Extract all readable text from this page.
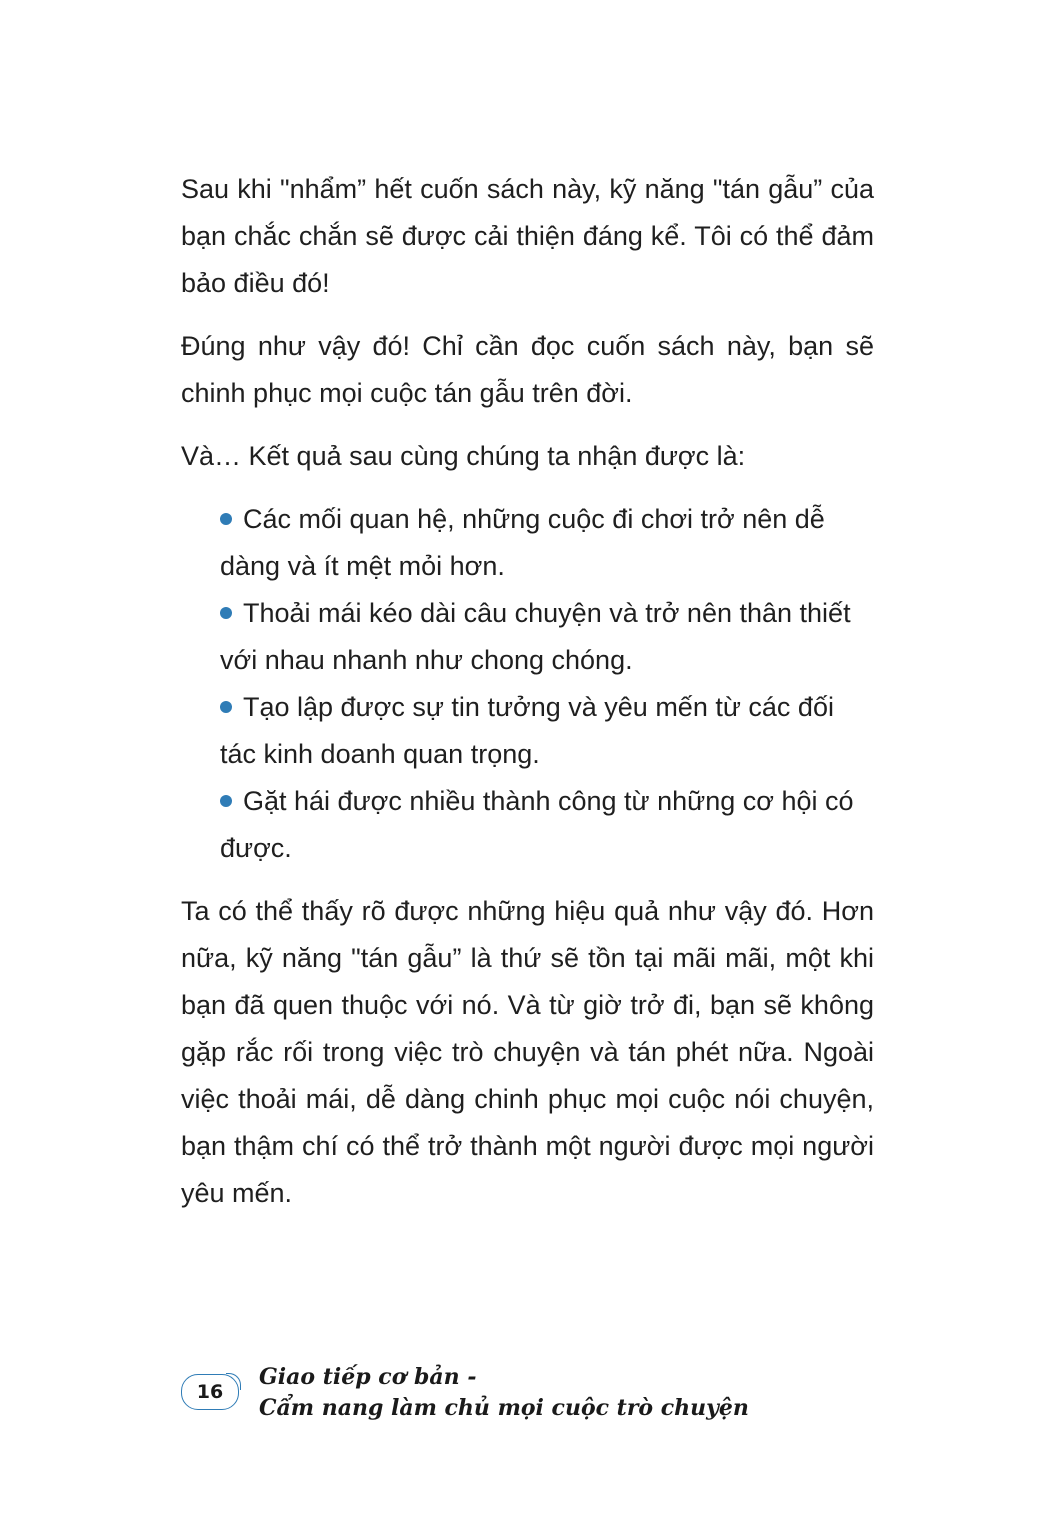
Sau khi "nhẩm” hết cuốn sách này, kỹ năng "tán gẫu” của bạn chắc chắn sẽ được cải thiện đáng kể. Tôi có thể đảm bảo điều đó!

Đúng như vậy đó! Chỉ cần đọc cuốn sách này, bạn sẽ chinh phục mọi cuộc tán gẫu trên đời.

Và… Kết quả sau cùng chúng ta nhận được là:

Các mối quan hệ, những cuộc đi chơi trở nên dễ dàng và ít mệt mỏi hơn.
Thoải mái kéo dài câu chuyện và trở nên thân thiết với nhau nhanh như chong chóng.
Tạo lập được sự tin tưởng và yêu mến từ các đối tác kinh doanh quan trọng.
Gặt hái được nhiều thành công từ những cơ hội có được.

Ta có thể thấy rõ được những hiệu quả như vậy đó. Hơn nữa, kỹ năng "tán gẫu” là thứ sẽ tồn tại mãi mãi, một khi bạn đã quen thuộc với nó. Và từ giờ trở đi, bạn sẽ không gặp rắc rối trong việc trò chuyện và tán phét nữa. Ngoài việc thoải mái, dễ dàng chinh phục mọi cuộc nói chuyện, bạn thậm chí có thể trở thành một người được mọi người yêu mến.

16
Giao tiếp cơ bản -
Cẩm nang làm chủ mọi cuộc trò chuyện
